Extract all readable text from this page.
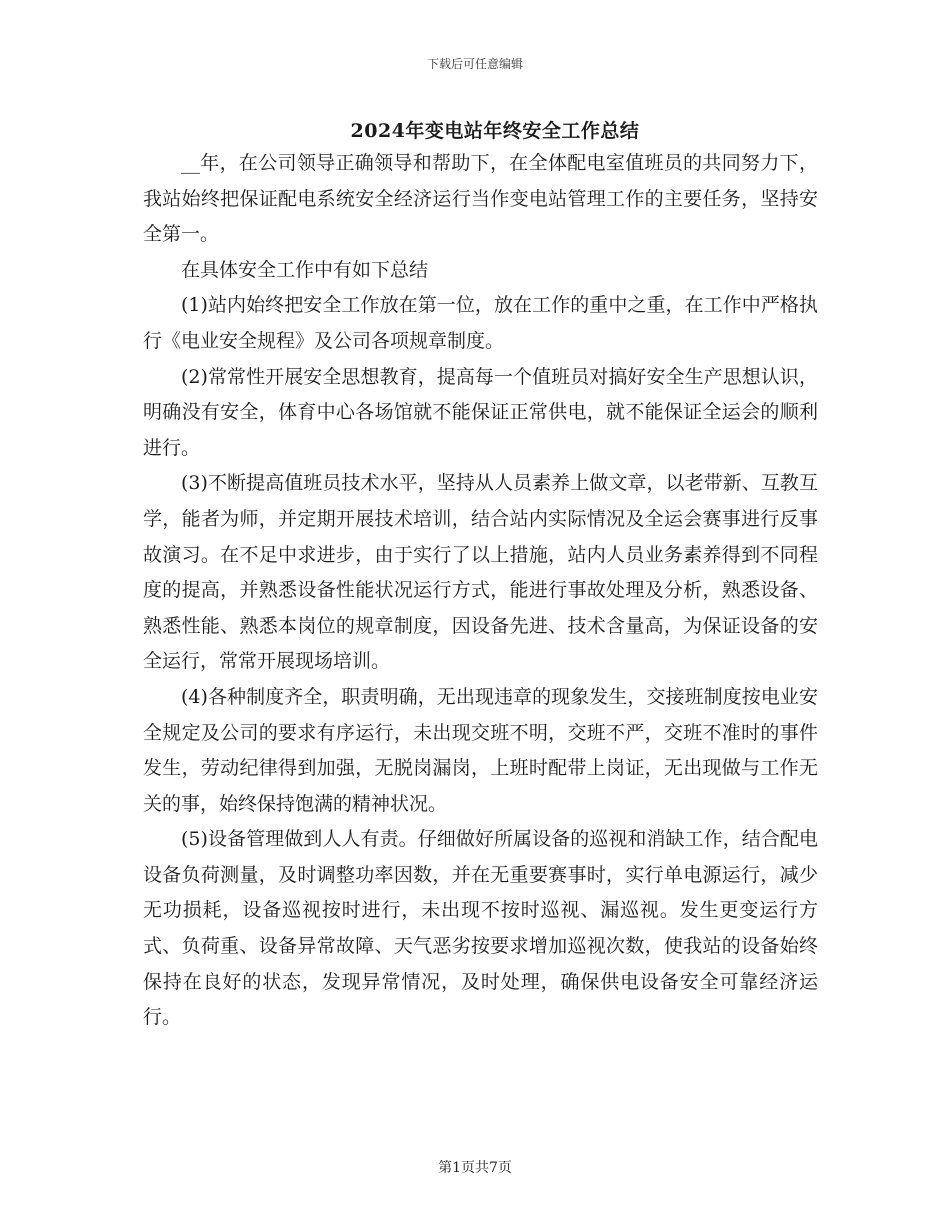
下载后可任意编辑
2024年变电站年终安全工作总结

__年，在公司领导正确领导和帮助下，在全体配电室值班员的共同努力下，我站始终把保证配电系统安全经济运行当作变电站管理工作的主要任务，坚持安全第一。

在具体安全工作中有如下总结

(1)站内始终把安全工作放在第一位，放在工作的重中之重，在工作中严格执行《电业安全规程》及公司各项规章制度。

(2)常常性开展安全思想教育，提高每一个值班员对搞好安全生产思想认识，明确没有安全，体育中心各场馆就不能保证正常供电，就不能保证全运会的顺利进行。

(3)不断提高值班员技术水平，坚持从人员素养上做文章，以老带新、互教互学，能者为师，并定期开展技术培训，结合站内实际情况及全运会赛事进行反事故演习。在不足中求进步，由于实行了以上措施，站内人员业务素养得到不同程度的提高，并熟悉设备性能状况运行方式，能进行事故处理及分析，熟悉设备、熟悉性能、熟悉本岗位的规章制度，因设备先进、技术含量高，为保证设备的安全运行，常常开展现场培训。

(4)各种制度齐全，职责明确，无出现违章的现象发生，交接班制度按电业安全规定及公司的要求有序运行，未出现交班不明，交班不严，交班不准时的事件发生，劳动纪律得到加强，无脱岗漏岗，上班时配带上岗证，无出现做与工作无关的事，始终保持饱满的精神状况。

(5)设备管理做到人人有责。仔细做好所属设备的巡视和消缺工作，结合配电设备负荷测量，及时调整功率因数，并在无重要赛事时，实行单电源运行，减少无功损耗，设备巡视按时进行，未出现不按时巡视、漏巡视。发生更变运行方式、负荷重、设备异常故障、天气恶劣按要求增加巡视次数，使我站的设备始终保持在良好的状态，发现异常情况，及时处理，确保供电设备安全可靠经济运行。

第1页共7页
